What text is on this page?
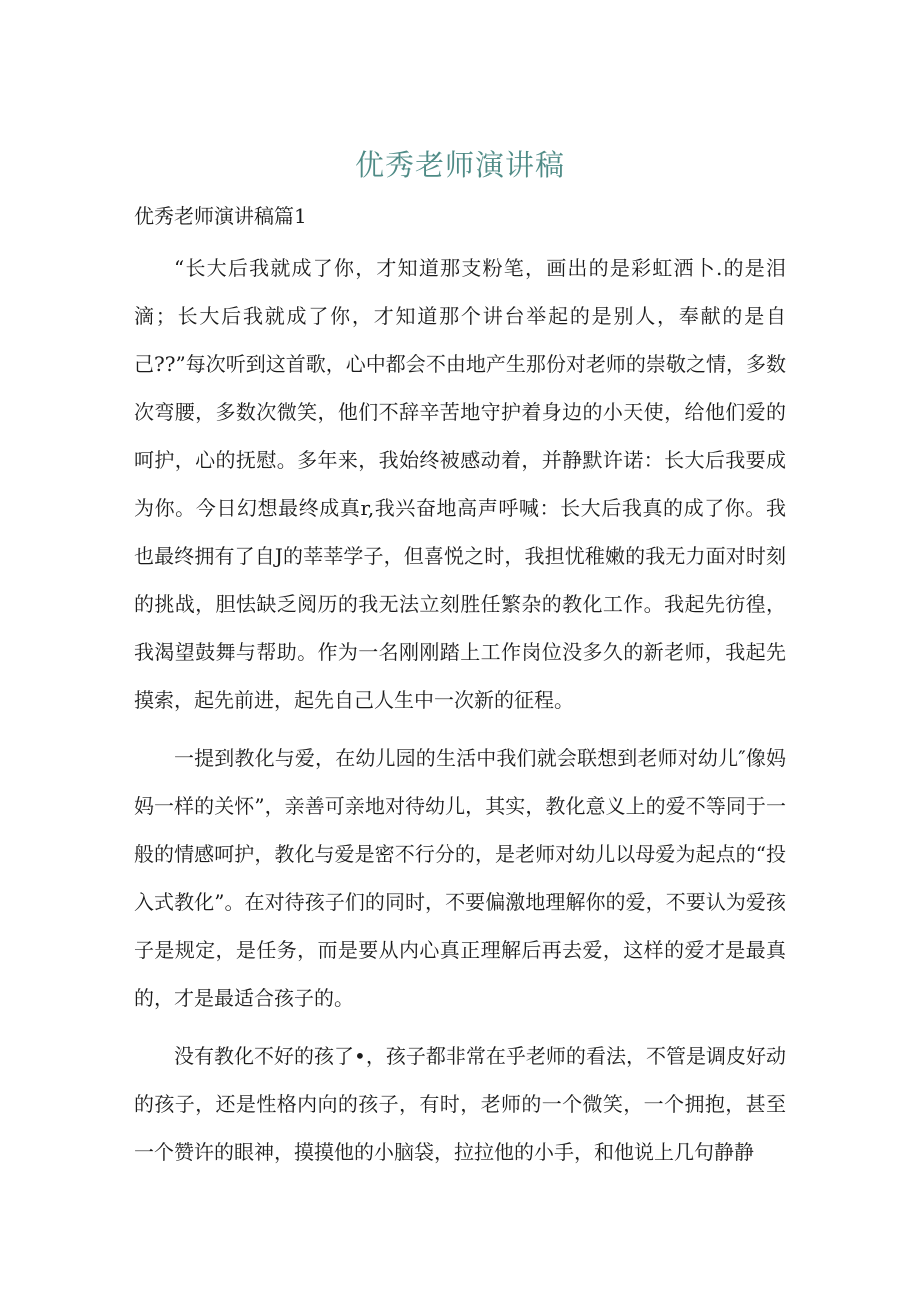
优秀老师演讲稿
优秀老师演讲稿篇1

“长大后我就成了你，才知道那支粉笔，画出的是彩虹洒卜.的是泪滴；长大后我就成了你，才知道那个讲台举起的是别人，奉献的是自己??”每次听到这首歌，心中都会不由地产生那份对老师的崇敬之情，多数次弯腰，多数次微笑，他们不辞辛苦地守护着身边的小天使，给他们爱的呵护，心的抚慰。多年来，我始终被感动着，并静默许诺：长大后我要成为你。今日幻想最终成真r,我兴奋地高声呼喊：长大后我真的成了你。我也最终拥有了自J的莘莘学子，但喜悦之时，我担忧稚嫩的我无力面对时刻的挑战，胆怯缺乏阅历的我无法立刻胜任繁杂的教化工作。我起先彷徨，我渴望鼓舞与帮助。作为一名刚刚踏上工作岗位没多久的新老师，我起先摸索，起先前进，起先自己人生中一次新的征程。

一提到教化与爱，在幼儿园的生活中我们就会联想到老师对幼儿″像妈妈一样的关怀”，亲善可亲地对待幼儿，其实，教化意义上的爱不等同于一般的情感呵护，教化与爱是密不行分的，是老师对幼儿以母爱为起点的“投入式教化”。在对待孩子们的同时，不要偏激地理解你的爱，不要认为爱孩子是规定，是任务，而是要从内心真正理解后再去爱，这样的爱才是最真的，才是最适合孩子的。

没有教化不好的孩了•，孩子都非常在乎老师的看法，不管是调皮好动的孩子，还是性格内向的孩子，有时，老师的一个微笑，一个拥抱，甚至一个赞许的眼神，摸摸他的小脑袋，拉拉他的小手，和他说上几句静静
